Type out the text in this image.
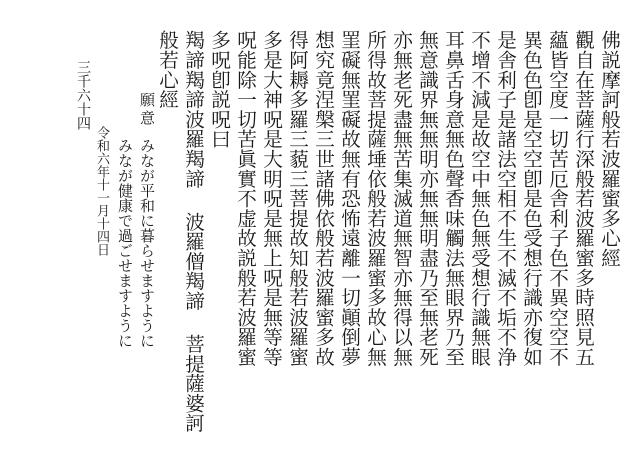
佛説摩訶般若波羅蜜多心經
觀自在菩薩行深般若波羅蜜多時照見五
蘊皆空度一切苦厄舎利子色不異空空不
異色色卽是空空卽是色受想行識亦復如
是舎利子是諸法空相不生不滅不垢不浄
不增不減是故空中無色無受想行識無眼
耳鼻舌身意無色聲香味觸法無眼界乃至
無意識界無無明亦無無明盡乃至無老死
亦無老死盡無苦集滅道無智亦無得以無
所得故菩提薩埵依般若波羅蜜多故心無
罣礙無罣礙故無有恐怖遠離一切顚倒夢
想究竟涅槃三世諸佛依般若波羅蜜多故
得阿耨多羅三藐三菩提故知般若波羅蜜
多是大神呪是大明呪是無上呪是無等等
呪能除一切苦眞實不虚故説般若波羅蜜
多呪卽説呪曰
羯諦羯諦波羅羯諦 波羅僧羯諦 菩提薩婆訶
般若心經
願意
みなが平和に暮らせますように
みなが健康で過ごせますように
令和六年十一月十四日
三千六十四
